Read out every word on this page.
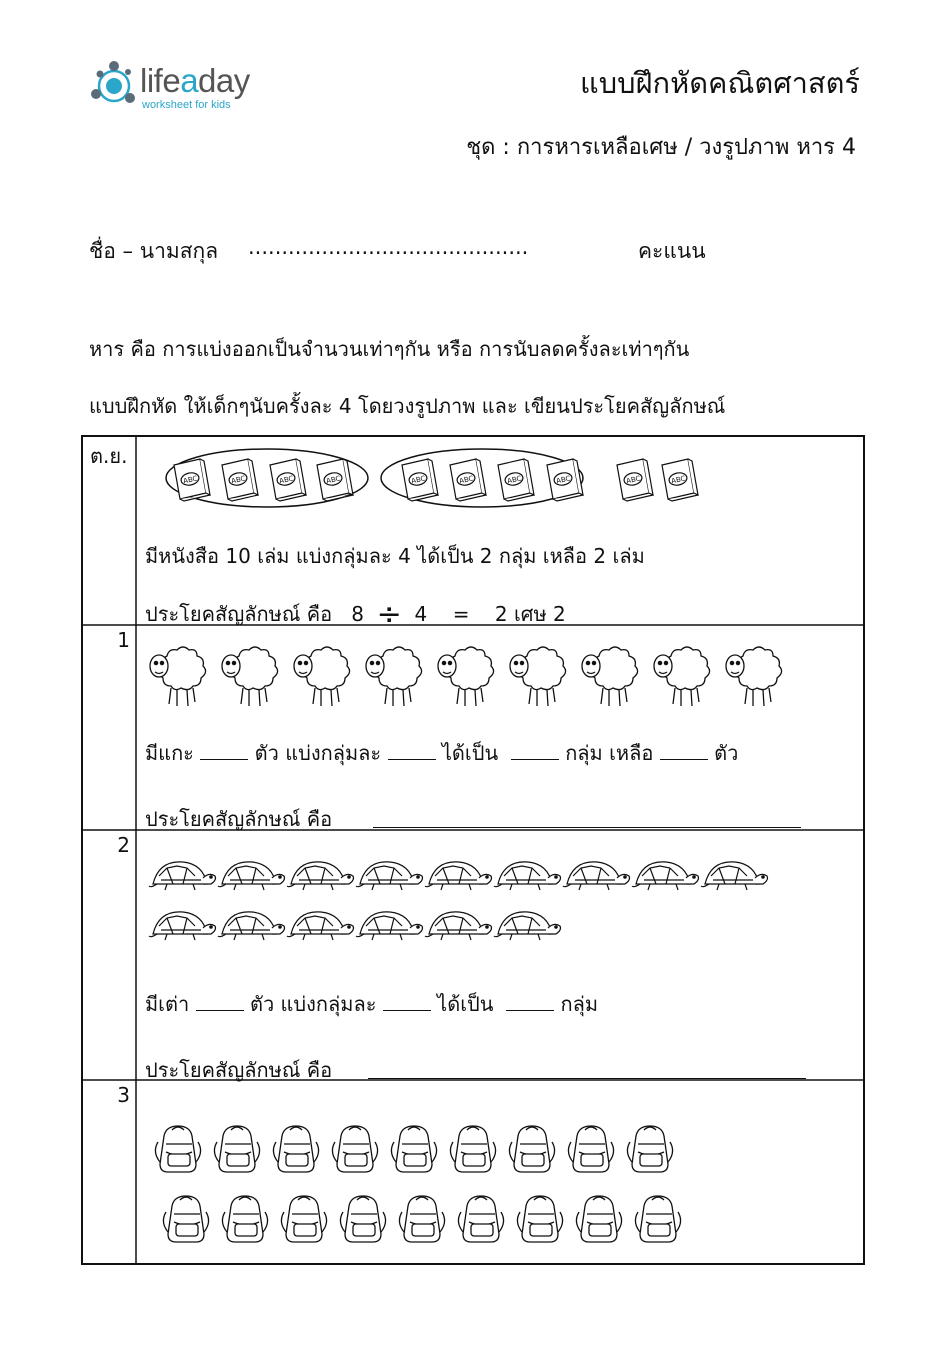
lifeaday
worksheet for kids
แบบฝึกหัดคณิตศาสตร์
ชุด : การหารเหลือเศษ / วงรูปภาพ หาร 4
ชื่อ – นามสกุล ..........................................	คะแนน
หาร คือ การแบ่งออกเป็นจำนวนเท่าๆกัน หรือ การนับลดครั้งละเท่าๆกัน
แบบฝึกหัด ให้เด็กๆนับครั้งละ 4 โดยวงรูปภาพ และ เขียนประโยคสัญลักษณ์
ต.ย.
ABC	ABC	ABC	ABC	ABC	ABC	ABC	ABC	ABC	ABC
มีหนังสือ 10 เล่ม แบ่งกลุ่มละ 4 ได้เป็น 2 กลุ่ม เหลือ 2 เล่ม
ประโยคสัญลักษณ์ คือ 8 ÷ 4 = 2 เศษ 2
1
มีแกะ	ตัว แบ่งกลุ่มละ	ได้เป็น	กลุ่ม เหลือ	ตัว
ประโยคสัญลักษณ์ คือ
2
มีเต่า	ตัว แบ่งกลุ่มละ	ได้เป็น	กลุ่ม
ประโยคสัญลักษณ์ คือ
3
